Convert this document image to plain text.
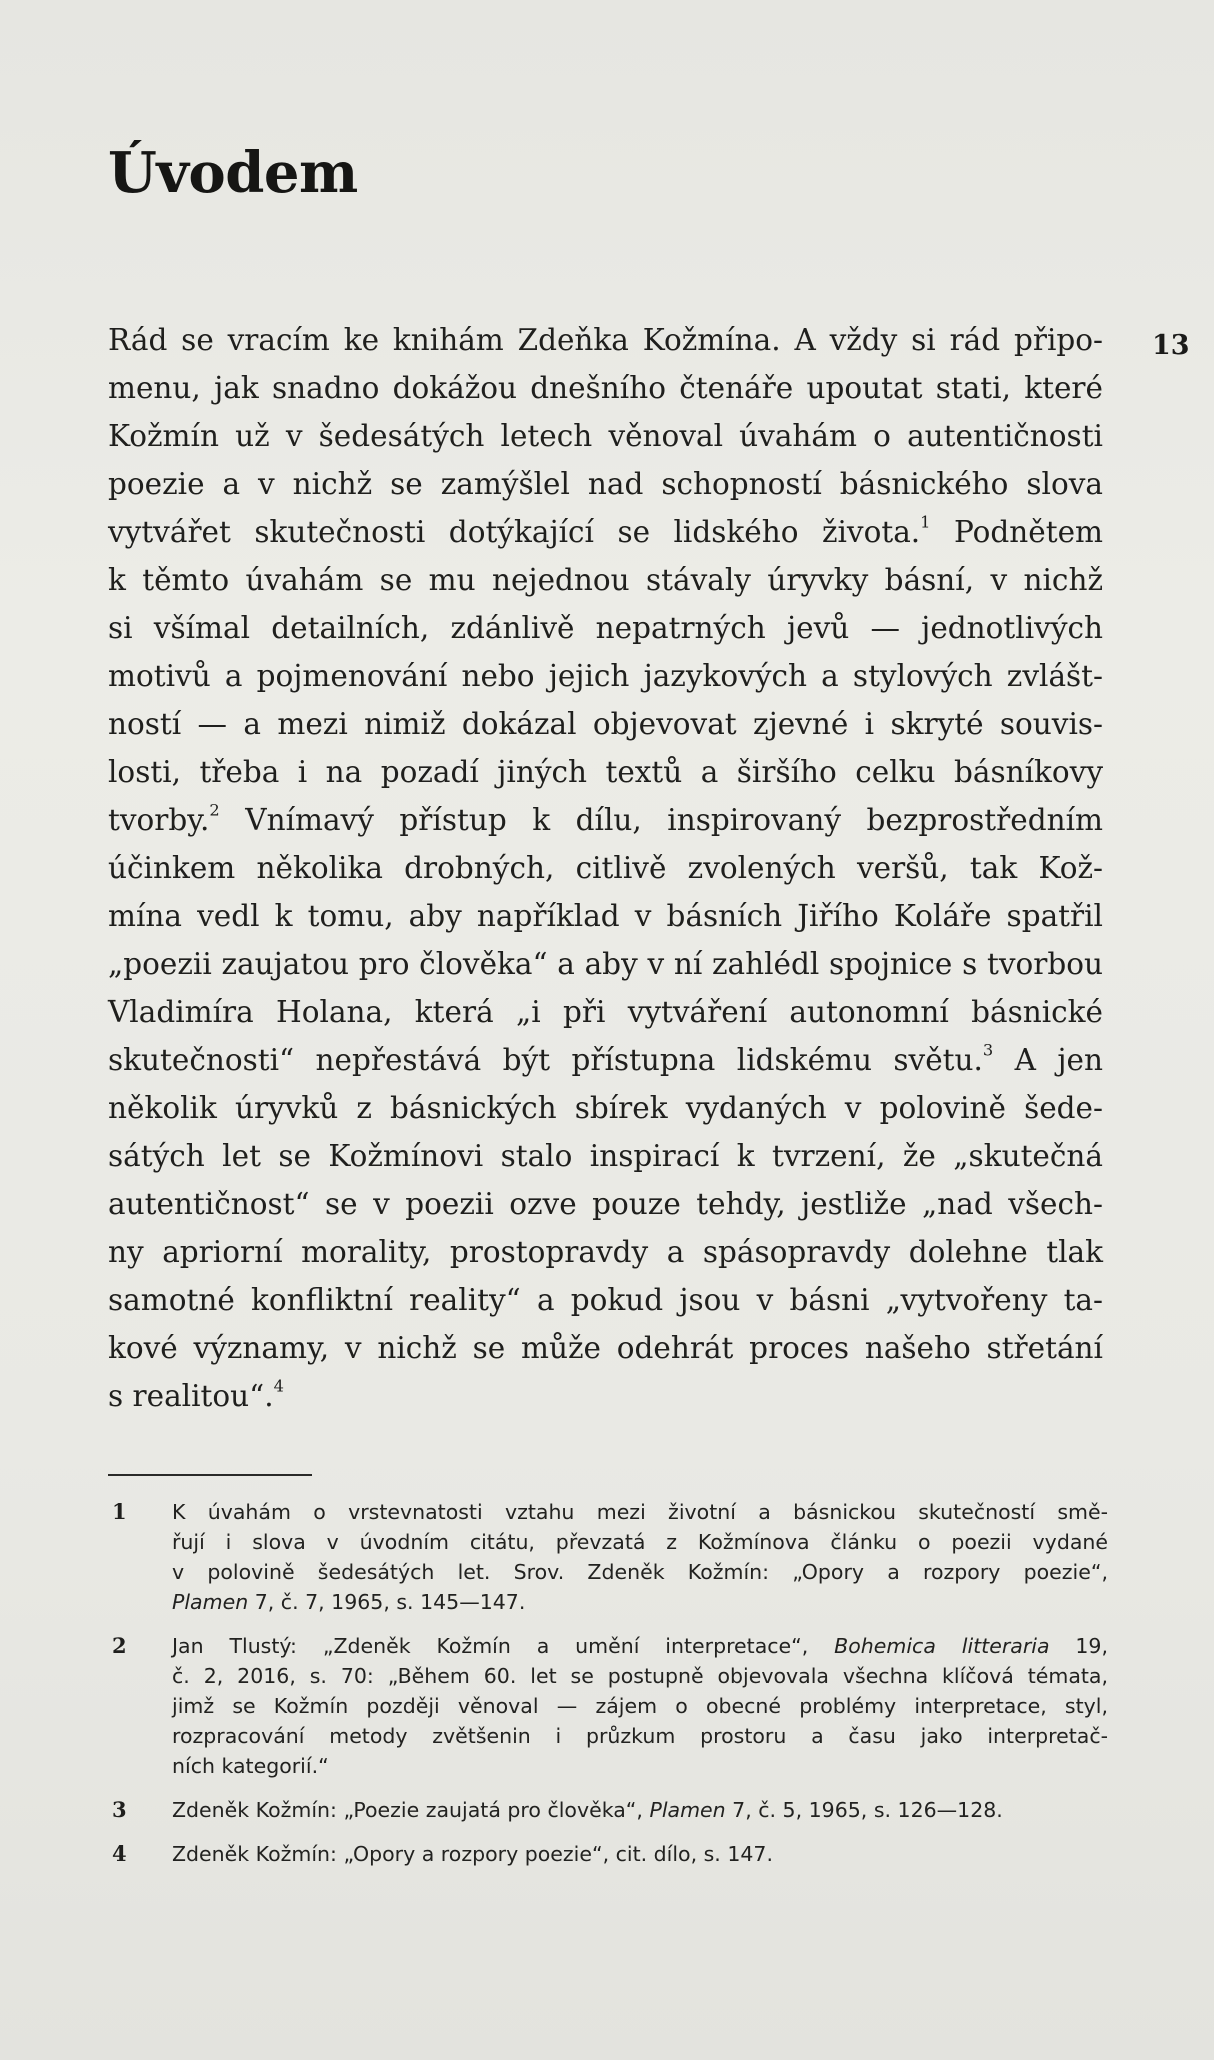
Úvodem
13
Rád se vracím ke knihám Zdeňka Kožmína. A vždy si rád připo-
menu, jak snadno dokážou dnešního čtenáře upoutat stati, které
Kožmín už v šedesátých letech věnoval úvahám o autentičnosti
poezie a v nichž se zamýšlel nad schopností básnického slova
vytvářet skutečnosti dotýkající se lidského života.$^1$ Podnětem
k těmto úvahám se mu nejednou stávaly úryvky básní, v nichž
si všímal detailních, zdánlivě nepatrných jevů — jednotlivých
motivů a pojmenování nebo jejich jazykových a stylových zvlášt-
ností — a mezi nimiž dokázal objevovat zjevné i skryté souvis-
losti, třeba i na pozadí jiných textů a širšího celku básníkovy
tvorby.$^2$ Vnímavý přístup k dílu, inspirovaný bezprostředním
účinkem několika drobných, citlivě zvolených veršů, tak Kož-
mína vedl k tomu, aby například v básních Jiřího Koláře spatřil
„poezii zaujatou pro člověka“ a aby v ní zahlédl spojnice s tvorbou
Vladimíra Holana, která „i při vytváření autonomní básnické
skutečnosti“ nepřestává být přístupna lidskému světu.$^3$ A jen
několik úryvků z básnických sbírek vydaných v polovině šede-
sátých let se Kožmínovi stalo inspirací k tvrzení, že „skutečná
autentičnost“ se v poezii ozve pouze tehdy, jestliže „nad všech-
ny apriorní morality, prostopravdy a spásopravdy dolehne tlak
samotné konfliktní reality“ a pokud jsou v básni „vytvořeny ta-
kové významy, v nichž se může odehrát proces našeho střetání
s realitou“.$^4$
1 K úvahám o vrstevnatosti vztahu mezi životní a básnickou skutečností smě-
řují i slova v úvodním citátu, převzatá z Kožmínova článku o poezii vydané
v polovině šedesátých let. Srov. Zdeněk Kožmín: „Opory a rozpory poezie“,
Plamen 7, č. 7, 1965, s. 145—147.
2 Jan Tlustý: „Zdeněk Kožmín a umění interpretace“, Bohemica litteraria 19,
č. 2, 2016, s. 70: „Během 60. let se postupně objevovala všechna klíčová témata,
jimž se Kožmín později věnoval — zájem o obecné problémy interpretace, styl,
rozpracování metody zvětšenin i průzkum prostoru a času jako interpretač-
ních kategorií.“
3 Zdeněk Kožmín: „Poezie zaujatá pro člověka“, Plamen 7, č. 5, 1965, s. 126—128.
4 Zdeněk Kožmín: „Opory a rozpory poezie“, cit. dílo, s. 147.
